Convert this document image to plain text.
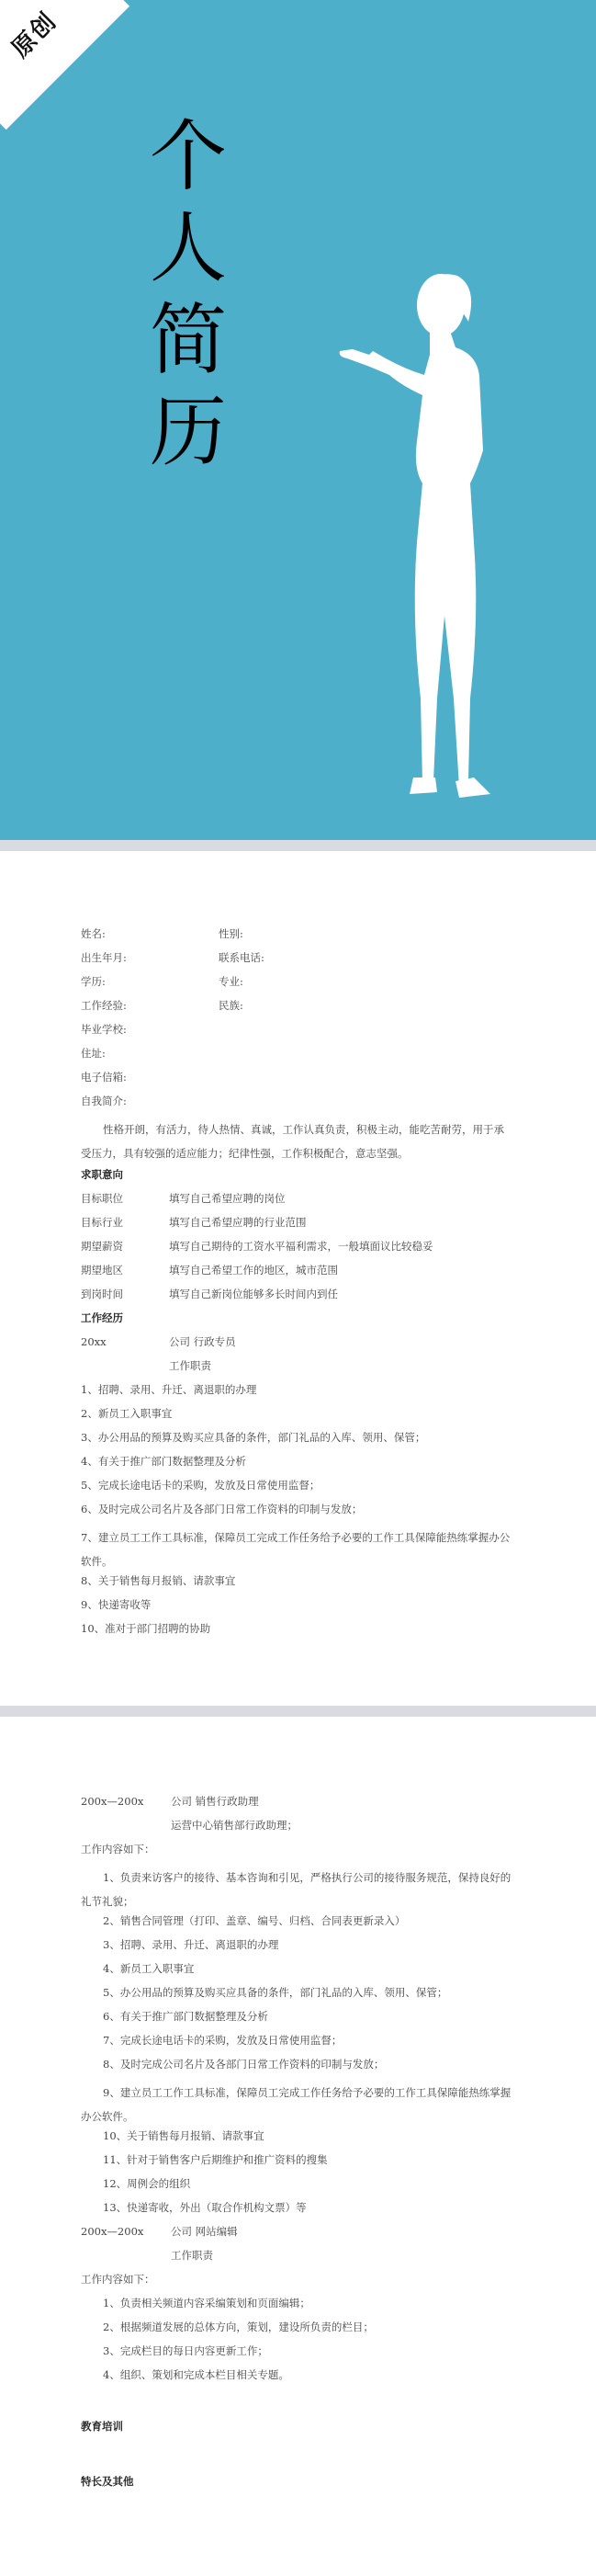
原创
个
人
简
历
姓名:	性别:
出生年月:	联系电话:
学历:	专业:
工作经验:	民族:
毕业学校:
住址:
电子信箱:
自我简介:
性格开朗，有活力，待人热情、真诚，工作认真负责，积极主动，能吃苦耐劳，用于承受压力，具有较强的适应能力；纪律性强，工作积极配合，意志坚强。
求职意向
目标职位	填写自己希望应聘的岗位
目标行业	填写自己希望应聘的行业范围
期望薪资	填写自己期待的工资水平福利需求，一般填面议比较稳妥
期望地区	填写自己希望工作的地区，城市范围
到岗时间	填写自己新岗位能够多长时间内到任
工作经历
20xx	公司 行政专员
工作职责
1、招聘、录用、升迁、离退职的办理
2、新员工入职事宜
3、办公用品的预算及购买应具备的条件，部门礼品的入库、领用、保管；
4、有关于推广部门数据整理及分析
5、完成长途电话卡的采购，发放及日常使用监督；
6、及时完成公司名片及各部门日常工作资料的印制与发放；
7、建立员工工作工具标准，保障员工完成工作任务给予必要的工作工具保障能热练掌握办公软件。
8、关于销售每月报销、请款事宜
9、快递寄收等
10、准对于部门招聘的协助
200x—200x	公司 销售行政助理
运营中心销售部行政助理；
工作内容如下：
1、负责来访客户的接待、基本咨询和引见，严格执行公司的接待服务规范，保持良好的礼节礼貌；
2、销售合同管理（打印、盖章、编号、归档、合同表更新录入）
3、招聘、录用、升迁、离退职的办理
4、新员工入职事宜
5、办公用品的预算及购买应具备的条件，部门礼品的入库、领用、保管；
6、有关于推广部门数据整理及分析
7、完成长途电话卡的采购，发放及日常使用监督；
8、及时完成公司名片及各部门日常工作资料的印制与发放；
9、建立员工工作工具标准，保障员工完成工作任务给予必要的工作工具保障能热练掌握办公软件。
10、关于销售每月报销、请款事宜
11、针对于销售客户后期维护和推广资料的搜集
12、周例会的组织
13、快递寄收，外出（取合作机构文票）等
200x—200x	公司 网站编辑
工作职责
工作内容如下：
1、负责相关频道内容采编策划和页面编辑；
2、根据频道发展的总体方向，策划，建设所负责的栏目；
3、完成栏目的每日内容更新工作；
4、组织、策划和完成本栏目相关专题。
教育培训
特长及其他
